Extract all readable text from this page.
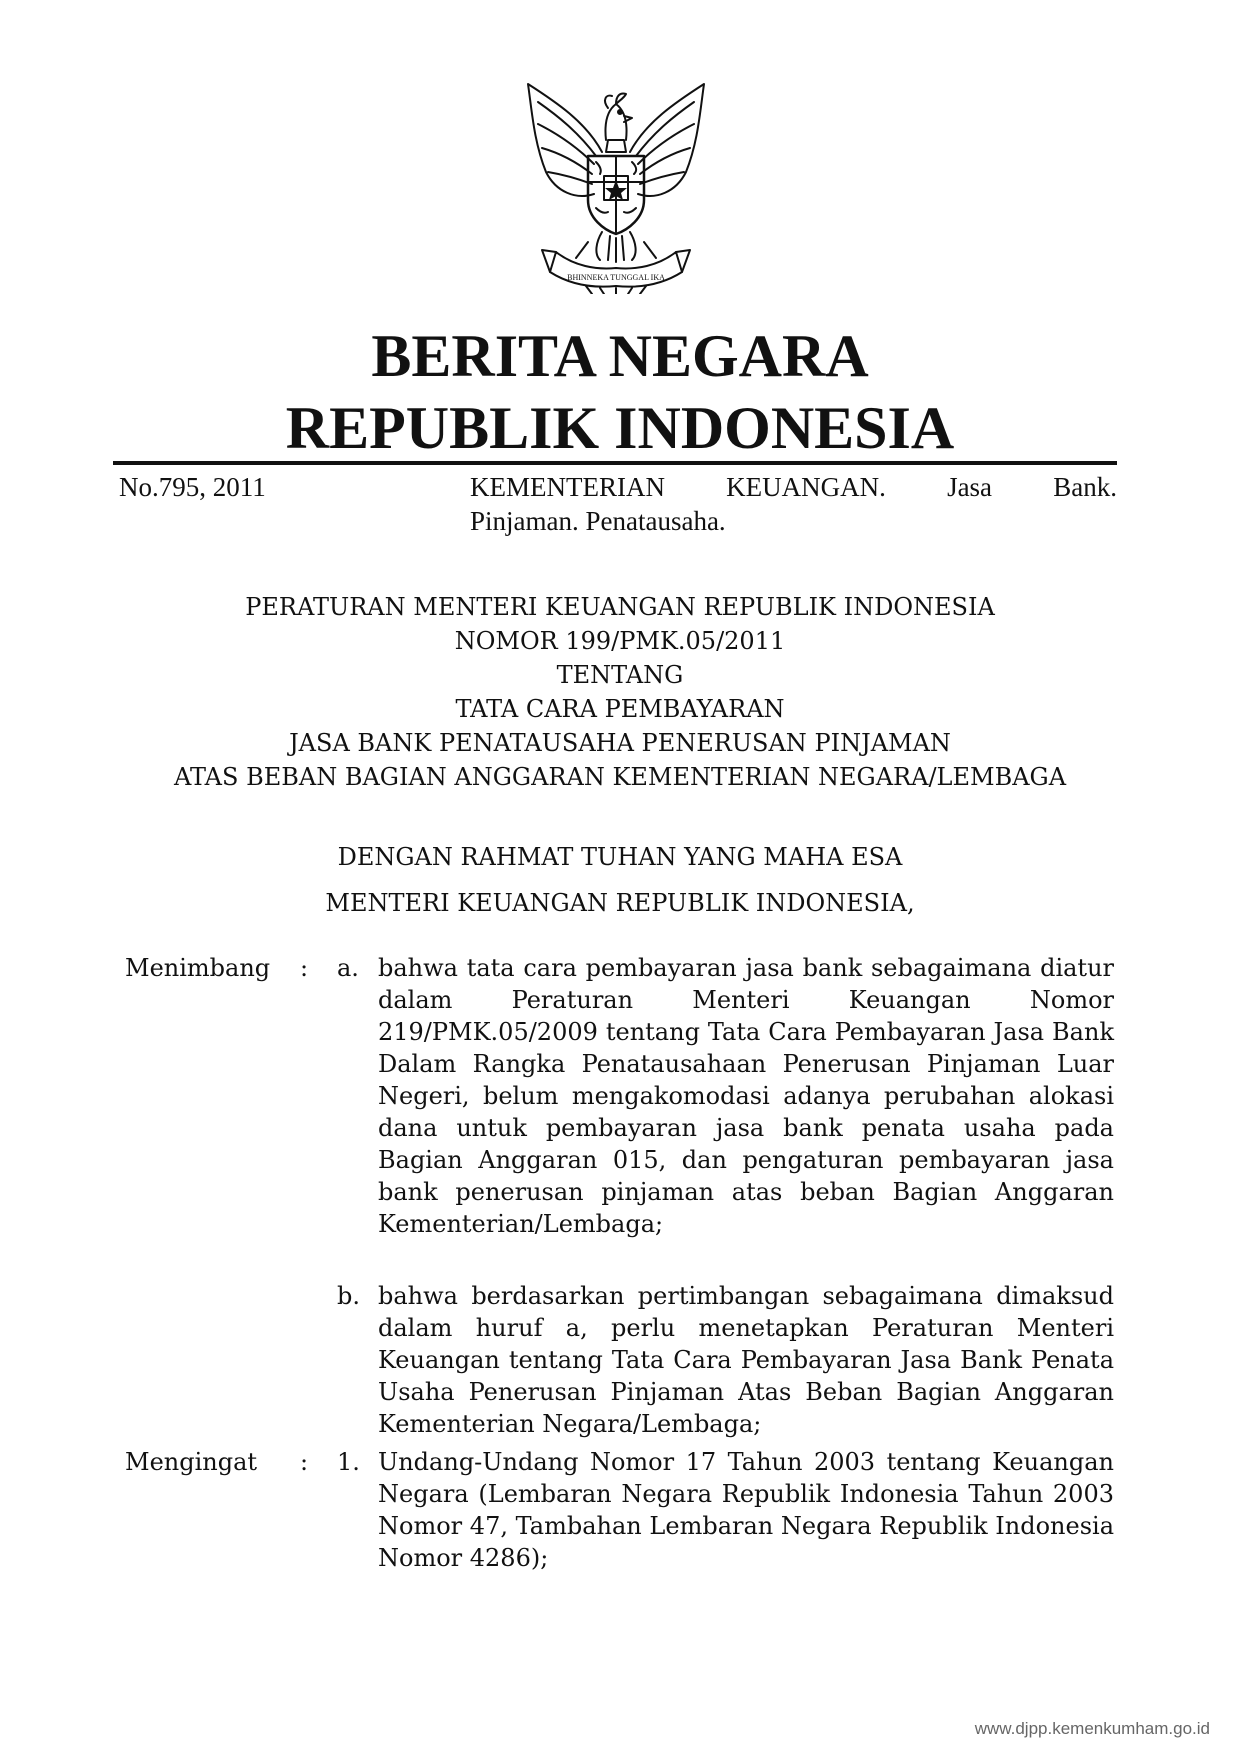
BHINNEKA TUNGGAL IKA
BERITA NEGARA
REPUBLIK INDONESIA
No.795, 2011	KEMENTERIAN KEUANGAN. Jasa Bank.
Pinjaman. Penatausaha.
PERATURAN MENTERI KEUANGAN REPUBLIK INDONESIA
NOMOR 199/PMK.05/2011
TENTANG
TATA CARA PEMBAYARAN
JASA BANK PENATAUSAHA PENERUSAN PINJAMAN
ATAS BEBAN BAGIAN ANGGARAN KEMENTERIAN NEGARA/LEMBAGA
DENGAN RAHMAT TUHAN YANG MAHA ESA
MENTERI KEUANGAN REPUBLIK INDONESIA,
Menimbang : a. bahwa tata cara pembayaran jasa bank sebagaimana diatur dalam Peraturan Menteri Keuangan Nomor 219/PMK.05/2009 tentang Tata Cara Pembayaran Jasa Bank Dalam Rangka Penatausahaan Penerusan Pinjaman Luar Negeri, belum mengakomodasi adanya perubahan alokasi dana untuk pembayaran jasa bank penata usaha pada Bagian Anggaran 015, dan pengaturan pembayaran jasa bank penerusan pinjaman atas beban Bagian Anggaran Kementerian/Lembaga;
b. bahwa berdasarkan pertimbangan sebagaimana dimaksud dalam huruf a, perlu menetapkan Peraturan Menteri Keuangan tentang Tata Cara Pembayaran Jasa Bank Penata Usaha Penerusan Pinjaman Atas Beban Bagian Anggaran Kementerian Negara/Lembaga;
Mengingat : 1. Undang-Undang Nomor 17 Tahun 2003 tentang Keuangan Negara (Lembaran Negara Republik Indonesia Tahun 2003 Nomor 47, Tambahan Lembaran Negara Republik Indonesia Nomor 4286);
www.djpp.kemenkumham.go.id
